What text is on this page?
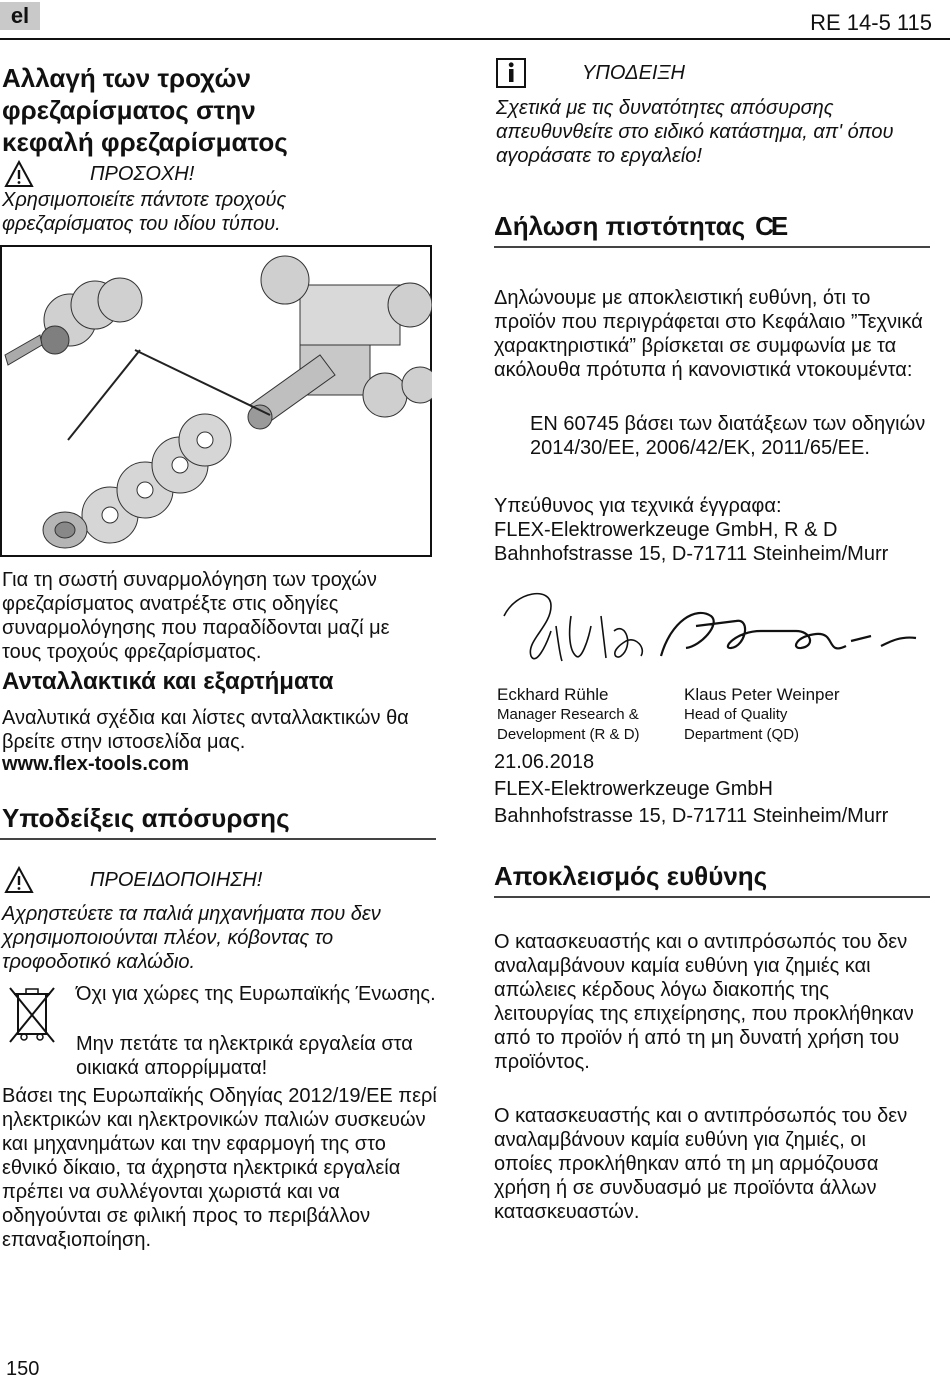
el	RE 14-5 115
Αλλαγή των τροχών φρεζαρίσματος στην κεφαλή φρεζαρίσματος
ΠΡΟΣΟΧΗ!
Χρησιμοποιείτε πάντοτε τροχούς φρεζαρίσματος του ιδίου τύπου.
Για τη σωστή συναρμολόγηση των τροχών φρεζαρίσματος ανατρέξτε στις οδηγίες συναρμολόγησης που παραδίδονται μαζί με τους τροχούς φρεζαρίσματος.
Ανταλλακτικά και εξαρτήματα
Αναλυτικά σχέδια και λίστες ανταλλακτικών θα βρείτε στην ιστοσελίδα μας.
www.flex-tools.com
Υποδείξεις απόσυρσης
ΠΡΟΕΙΔΟΠΟΙΗΣΗ!
Αχρηστεύετε τα παλιά μηχανήματα που δεν χρησιμοποιούνται πλέον, κόβοντας το τροφοδοτικό καλώδιο.
Όχι για χώρες της Ευρωπαϊκής Ένωσης.
Μην πετάτε τα ηλεκτρικά εργαλεία στα οικιακά απορρίμματα!
Βάσει της Ευρωπαϊκής Οδηγίας 2012/19/ΕΕ περί ηλεκτρικών και ηλεκτρονικών παλιών συσκευών και μηχανημάτων και την εφαρμογή της στο εθνικό δίκαιο, τα άχρηστα ηλεκτρικά εργαλεία πρέπει να συλλέγονται χωριστά και να οδηγούνται σε φιλική προς το περιβάλλον επαναξιοποίηση.
ΥΠΟΔΕΙΞΗ
Σχετικά με τις δυνατότητες απόσυρσης απευθυνθείτε στο ειδικό κατάστημα, απ' όπου αγοράσατε το εργαλείο!
Δήλωση πιστότητας CE
Δηλώνουμε με αποκλειστική ευθύνη, ότι το προϊόν που περιγράφεται στο Κεφάλαιο ”Τεχνικά χαρακτηριστικά” βρίσκεται σε συμφωνία με τα ακόλουθα πρότυπα ή κανονιστικά ντοκουμέντα:
EN 60745 βάσει των διατάξεων των οδηγιών 2014/30/EE, 2006/42/EK, 2011/65/EE.
Υπεύθυνος για τεχνικά έγγραφα:
FLEX-Elektrowerkzeuge GmbH, R & D
Bahnhofstrasse 15, D-71711 Steinheim/Murr
Eckhard Rühle
Manager Research &
Development (R & D)
Klaus Peter Weinper
Head of Quality
Department (QD)
21.06.2018
FLEX-Elektrowerkzeuge GmbH
Bahnhofstrasse 15, D-71711 Steinheim/Murr
Αποκλεισμός ευθύνης
Ο κατασκευαστής και ο αντιπρόσωπός του δεν αναλαμβάνουν καμία ευθύνη για ζημιές και απώλειες κέρδους λόγω διακοπής της λειτουργίας της επιχείρησης, που προκλήθηκαν από το προϊόν ή από τη μη δυνατή χρήση του προϊόντος.
Ο κατασκευαστής και ο αντιπρόσωπός του δεν αναλαμβάνουν καμία ευθύνη για ζημιές, οι οποίες προκλήθηκαν από τη μη αρμόζουσα χρήση ή σε συνδυασμό με προϊόντα άλλων κατασκευαστών.
150
